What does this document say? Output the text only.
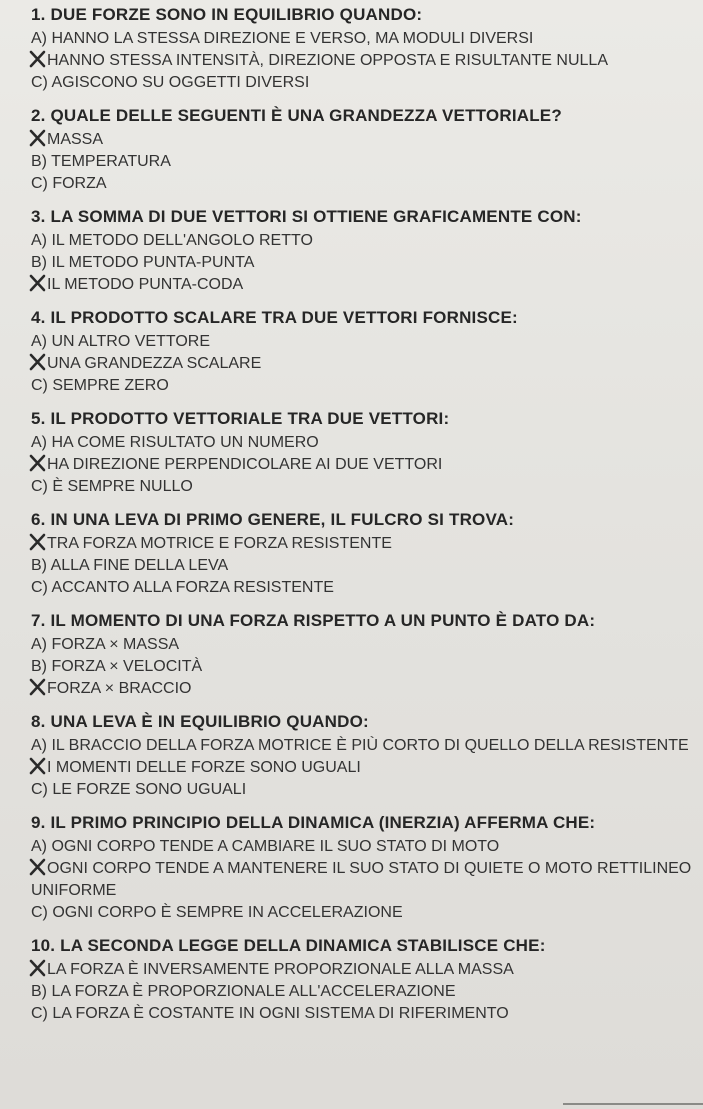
1. DUE FORZE SONO IN EQUILIBRIO QUANDO:
A) HANNO LA STESSA DIREZIONE E VERSO, MA MODULI DIVERSI
HANNO STESSA INTENSITÀ, DIREZIONE OPPOSTA E RISULTANTE NULLA
C) AGISCONO SU OGGETTI DIVERSI
2. QUALE DELLE SEGUENTI È UNA GRANDEZZA VETTORIALE?
MASSA
B) TEMPERATURA
C) FORZA
3. LA SOMMA DI DUE VETTORI SI OTTIENE GRAFICAMENTE CON:
A) IL METODO DELL'ANGOLO RETTO
B) IL METODO PUNTA-PUNTA
IL METODO PUNTA-CODA
4. IL PRODOTTO SCALARE TRA DUE VETTORI FORNISCE:
A) UN ALTRO VETTORE
UNA GRANDEZZA SCALARE
C) SEMPRE ZERO
5. IL PRODOTTO VETTORIALE TRA DUE VETTORI:
A) HA COME RISULTATO UN NUMERO
HA DIREZIONE PERPENDICOLARE AI DUE VETTORI
C) È SEMPRE NULLO
6. IN UNA LEVA DI PRIMO GENERE, IL FULCRO SI TROVA:
TRA FORZA MOTRICE E FORZA RESISTENTE
B) ALLA FINE DELLA LEVA
C) ACCANTO ALLA FORZA RESISTENTE
7. IL MOMENTO DI UNA FORZA RISPETTO A UN PUNTO È DATO DA:
A) FORZA × MASSA
B) FORZA × VELOCITÀ
FORZA × BRACCIO
8. UNA LEVA È IN EQUILIBRIO QUANDO:
A) IL BRACCIO DELLA FORZA MOTRICE È PIÙ CORTO DI QUELLO DELLA RESISTENTE
I MOMENTI DELLE FORZE SONO UGUALI
C) LE FORZE SONO UGUALI
9. IL PRIMO PRINCIPIO DELLA DINAMICA (INERZIA) AFFERMA CHE:
A) OGNI CORPO TENDE A CAMBIARE IL SUO STATO DI MOTO
OGNI CORPO TENDE A MANTENERE IL SUO STATO DI QUIETE O MOTO RETTILINEO UNIFORME
C) OGNI CORPO È SEMPRE IN ACCELERAZIONE
10. LA SECONDA LEGGE DELLA DINAMICA STABILISCE CHE:
LA FORZA È INVERSAMENTE PROPORZIONALE ALLA MASSA
B) LA FORZA È PROPORZIONALE ALL'ACCELERAZIONE
C) LA FORZA È COSTANTE IN OGNI SISTEMA DI RIFERIMENTO
